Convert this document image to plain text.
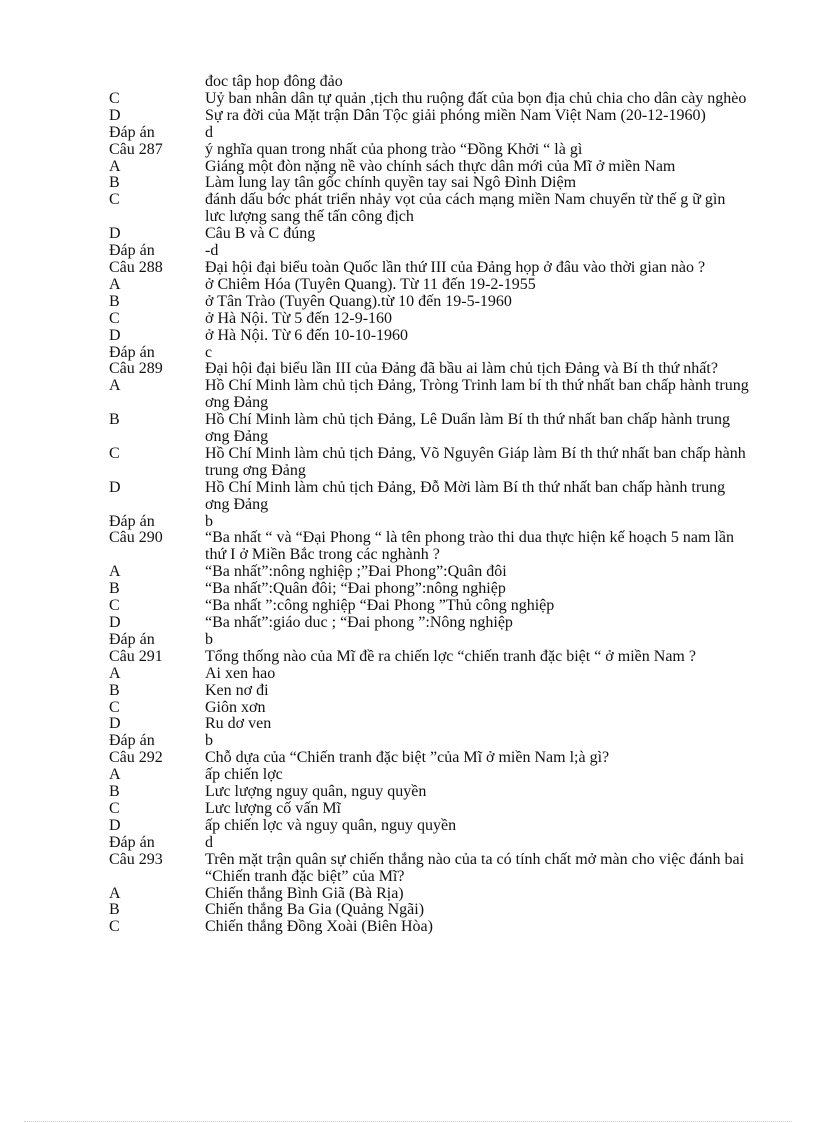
đoc tâp hop đông đảo
C	Uỷ ban nhân dân tự quản ,tịch thu ruộng đất của bọn địa chủ chia cho dân cày nghèo
D	Sự ra đời của Mặt trận Dân Tộc giải phóng miền Nam Việt Nam (20-12-1960)
Đáp án	d
Câu 287	ý nghĩa quan trong nhất của phong trào “Đồng Khởi “ là gì
A	Giáng một đòn nặng nề vào chính sách thực dân mới của Mĩ ở miền Nam
B	Làm lung lay tân gốc chính quyền tay sai Ngô Đình Diệm
C	đánh dấu bớc phát triển nhảy vọt của cách mạng miền Nam chuyển từ thế g ữ gìn lưc lượng sang thế tấn công địch
D	Câu B và C đúng
Đáp án	-d
Câu 288	Đại hội đại biểu toàn Quốc lần thứ III của Đảng họp ở đâu vào thời gian nào ?
A	ở Chiêm Hóa (Tuyên Quang). Từ 11 đến 19-2-1955
B	ở Tân Trào (Tuyên Quang).từ 10 đến 19-5-1960
C	ở Hà Nội. Từ 5 đến 12-9-160
D	ở Hà Nội. Từ 6 đến 10-10-1960
Đáp án	c
Câu 289	Đại hội đại biểu lần III của Đảng đã bầu ai làm chủ tịch Đảng và Bí th thứ nhất?
A	Hồ Chí Minh làm chủ tịch Đảng, Tròng Trinh lam bí th thứ nhất ban chấp hành trung ơng Đảng
B	Hồ Chí Minh làm chủ tịch Đảng, Lê Duẩn làm Bí th thứ nhất ban chấp hành trung ơng Đảng
C	Hồ Chí Minh làm chủ tịch Đảng, Võ Nguyên Giáp làm Bí th thứ nhất ban chấp hành trung ơng Đảng
D	Hồ Chí Minh làm chủ tịch Đảng, Đỗ Mời làm Bí th thứ nhất ban chấp hành trung ơng Đảng
Đáp án	b
Câu 290	“Ba nhất “ và “Đại Phong “ là tên phong trào thi dua thực hiện kế hoạch 5 nam lần thứ I ở Miền Bắc trong các nghành ?
A	“Ba nhất”:nông nghiệp ;”Đai Phong”:Quân đôi
B	“Ba nhất”:Quân đôi; “Đai phong”:nông nghiệp
C	“Ba nhất ”:công nghiệp “Đai Phong ”Thủ công nghiệp
D	“Ba nhất”:giáo duc ; “Đai phong ”:Nông nghiệp
Đáp án	b
Câu 291	Tổng thống nào của Mĩ đề ra chiến lợc “chiến tranh đặc biệt “ ở miền Nam ?
A	Ai xen hao
B	Ken nơ đi
C	Giôn xơn
D	Ru dơ ven
Đáp án	b
Câu 292	Chỗ dựa của “Chiến tranh đặc biệt ”của Mĩ ở miền Nam l;à gì?
A	ấp chiến lợc
B	Lưc lượng nguy quân, nguy quyền
C	Lưc lượng cố vấn Mĩ
D	ấp chiến lợc và nguy quân, nguy quyền
Đáp án	d
Câu 293	Trên mặt trận quân sự chiến thắng nào của ta có tính chất mở màn cho việc đánh bai “Chiến tranh đặc biệt” của Mĩ?
A	Chiến thắng Bình Giã (Bà Rịa)
B	Chiến thắng Ba Gia (Quảng Ngãi)
C	Chiến thắng Đồng Xoài (Biên Hòa)
